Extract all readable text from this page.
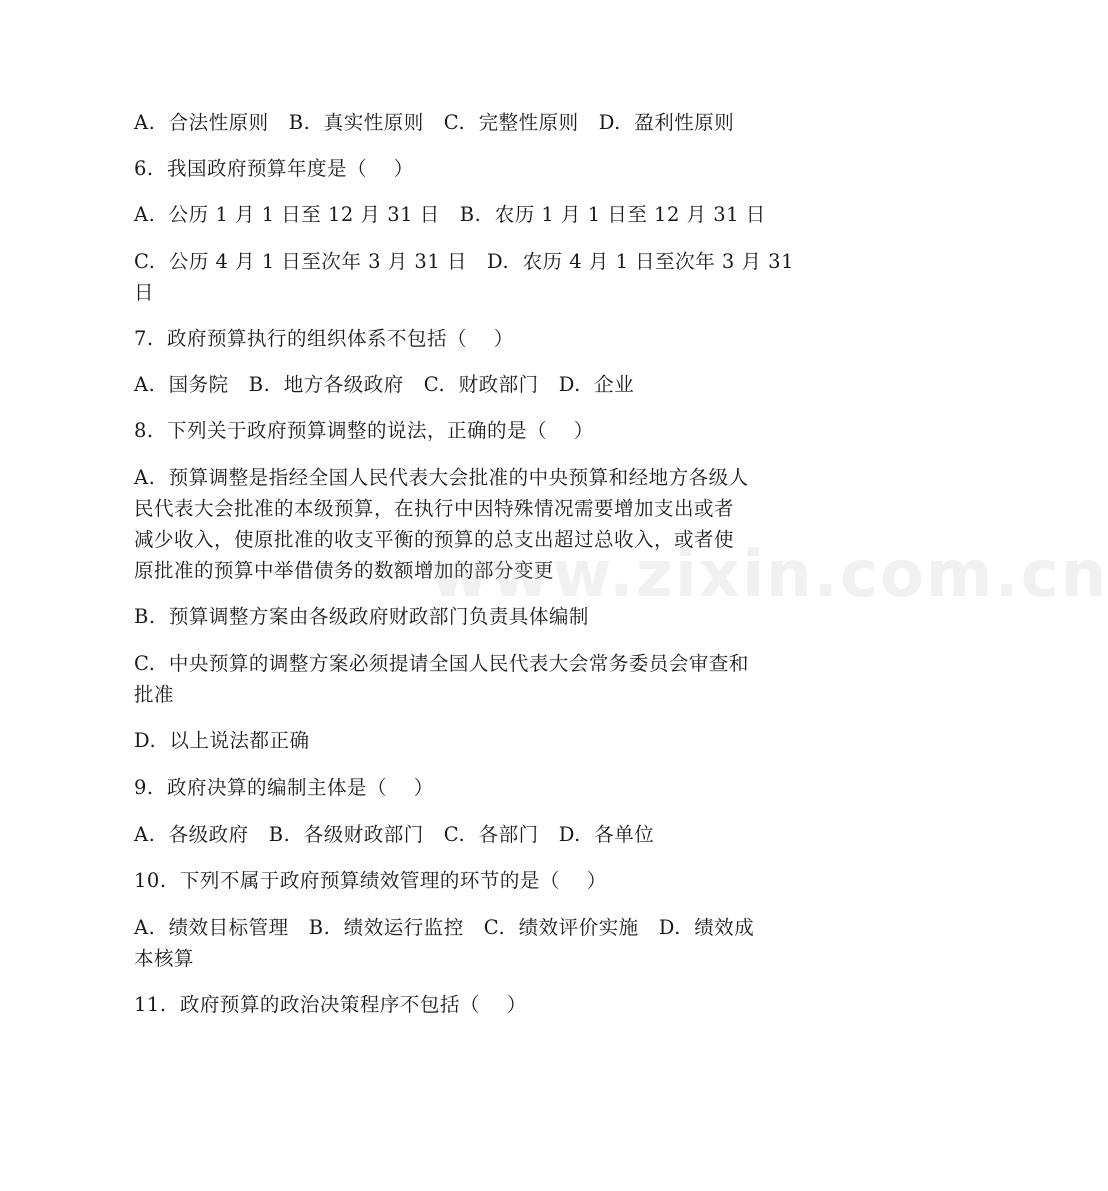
A.  合法性原则   B.  真实性原则   C.  完整性原则   D.  盈利性原则
6.  我国政府预算年度是（    ）
A.  公历 1 月 1 日至 12 月 31 日   B.  农历 1 月 1 日至 12 月 31 日
C.  公历 4 月 1 日至次年 3 月 31 日   D.  农历 4 月 1 日至次年 3 月 31
日
7.  政府预算执行的组织体系不包括（    ）
A.  国务院   B.  地方各级政府   C.  财政部门   D.  企业
8.  下列关于政府预算调整的说法，正确的是（    ）
A.  预算调整是指经全国人民代表大会批准的中央预算和经地方各级人
民代表大会批准的本级预算，在执行中因特殊情况需要增加支出或者
减少收入，使原批准的收支平衡的预算的总支出超过总收入，或者使
原批准的预算中举借债务的数额增加的部分变更
B.  预算调整方案由各级政府财政部门负责具体编制
C.  中央预算的调整方案必须提请全国人民代表大会常务委员会审查和
批准
D.  以上说法都正确
9.  政府决算的编制主体是（    ）
A.  各级政府   B.  各级财政部门   C.  各部门   D.  各单位
10.  下列不属于政府预算绩效管理的环节的是（    ）
A.  绩效目标管理   B.  绩效运行监控   C.  绩效评价实施   D.  绩效成
本核算
11.  政府预算的政治决策程序不包括（    ）
www.zixin.com.cn
